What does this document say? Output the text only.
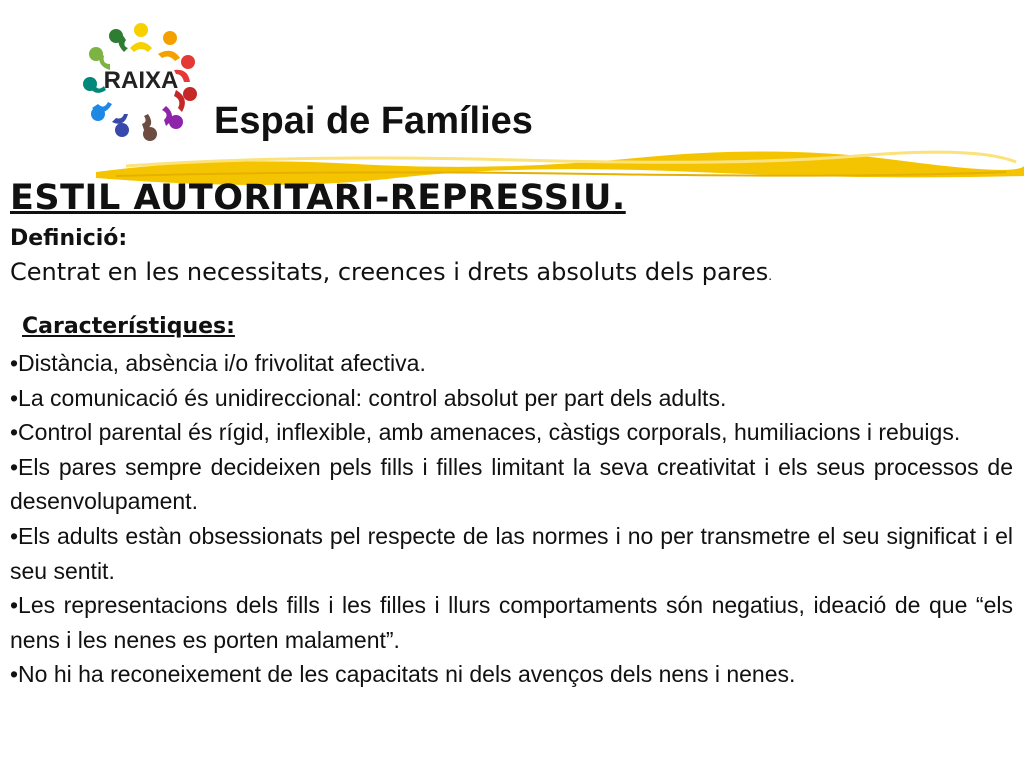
RAIXA
Espai de Famílies
ESTIL AUTORITARI-REPRESSIU.
Definició:
Centrat en les necessitats, creences i drets absoluts dels pares.
Característiques:
•Distància, absència i/o frivolitat afectiva.
•La comunicació és unidireccional: control absolut per part dels adults.
•Control parental és rígid, inflexible, amb amenaces, càstigs corporals, humiliacions i rebuigs.
•Els pares sempre decideixen pels fills i filles limitant la seva creativitat i els seus processos de desenvolupament.
•Els adults estàn obsessionats pel respecte de las normes i no per transmetre el seu significat i el seu sentit.
•Les representacions dels fills i les filles i llurs comportaments són negatius, ideació de que “els nens i les nenes es porten malament”.
•No hi ha reconeixement de les capacitats ni dels avenços dels nens i nenes.
